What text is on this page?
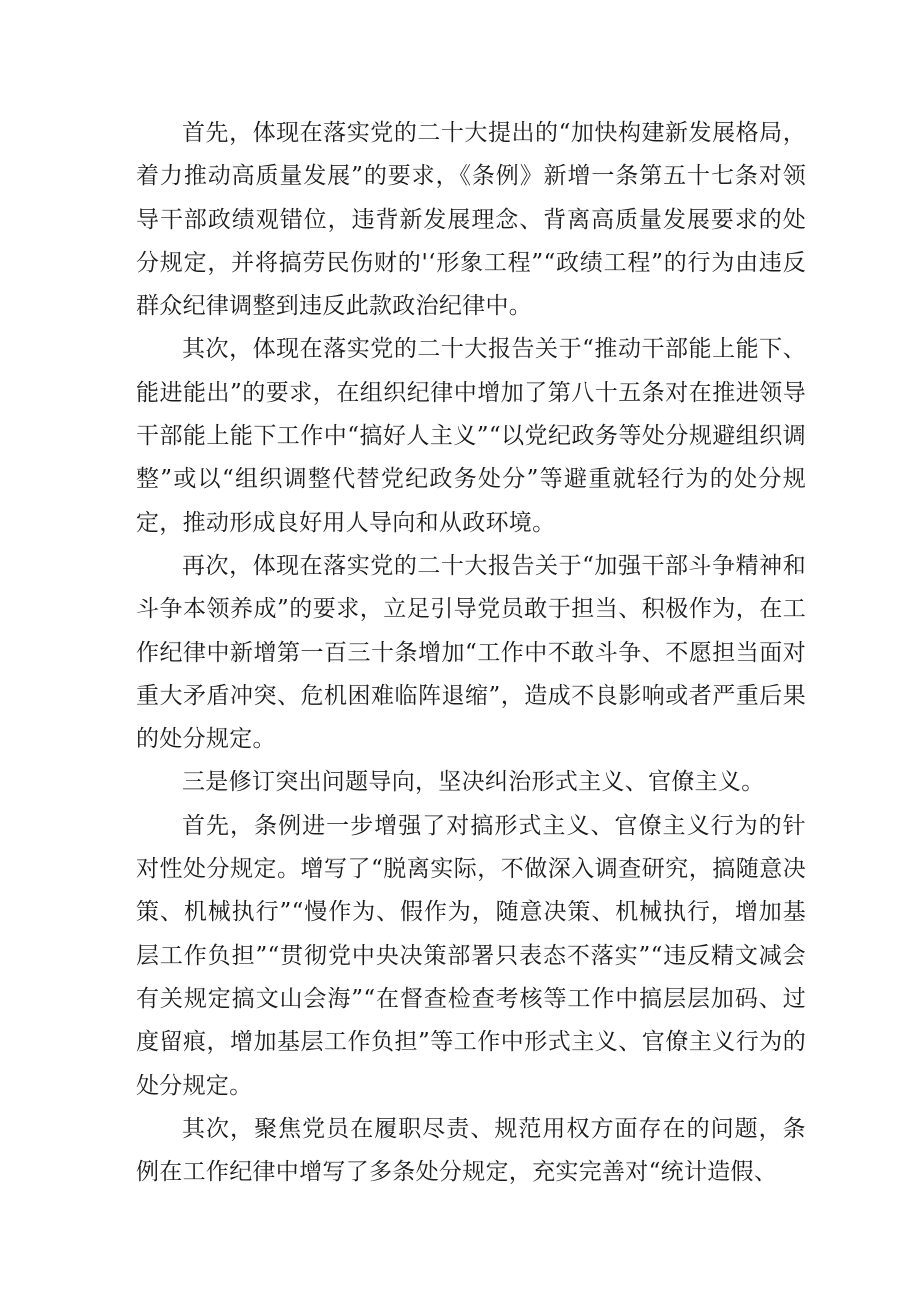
首先，体现在落实党的二十大提出的“加快构建新发展格局，着力推动高质量发展”的要求，《条例》新增一条第五十七条对领导干部政绩观错位，违背新发展理念、背离高质量发展要求的处分规定，并将搞劳民伤财的'‘形象工程”“政绩工程”的行为由违反群众纪律调整到违反此款政治纪律中。

其次，体现在落实党的二十大报告关于“推动干部能上能下、能进能出”的要求，在组织纪律中增加了第八十五条对在推进领导干部能上能下工作中“搞好人主义”“以党纪政务等处分规避组织调整”或以“组织调整代替党纪政务处分”等避重就轻行为的处分规定，推动形成良好用人导向和从政环境。

再次，体现在落实党的二十大报告关于“加强干部斗争精神和斗争本领养成”的要求，立足引导党员敢于担当、积极作为，在工作纪律中新增第一百三十条增加“工作中不敢斗争、不愿担当面对重大矛盾冲突、危机困难临阵退缩”，造成不良影响或者严重后果的处分规定。

三是修订突出问题导向，坚决纠治形式主义、官僚主义。

首先，条例进一步增强了对搞形式主义、官僚主义行为的针对性处分规定。增写了“脱离实际，不做深入调查研究，搞随意决策、机械执行”“慢作为、假作为，随意决策、机械执行，增加基层工作负担”“贯彻党中央决策部署只表态不落实”“违反精文减会有关规定搞文山会海”“在督查检查考核等工作中搞层层加码、过度留痕，增加基层工作负担”等工作中形式主义、官僚主义行为的处分规定。

其次，聚焦党员在履职尽责、规范用权方面存在的问题，条例在工作纪律中增写了多条处分规定，充实完善对“统计造假、
